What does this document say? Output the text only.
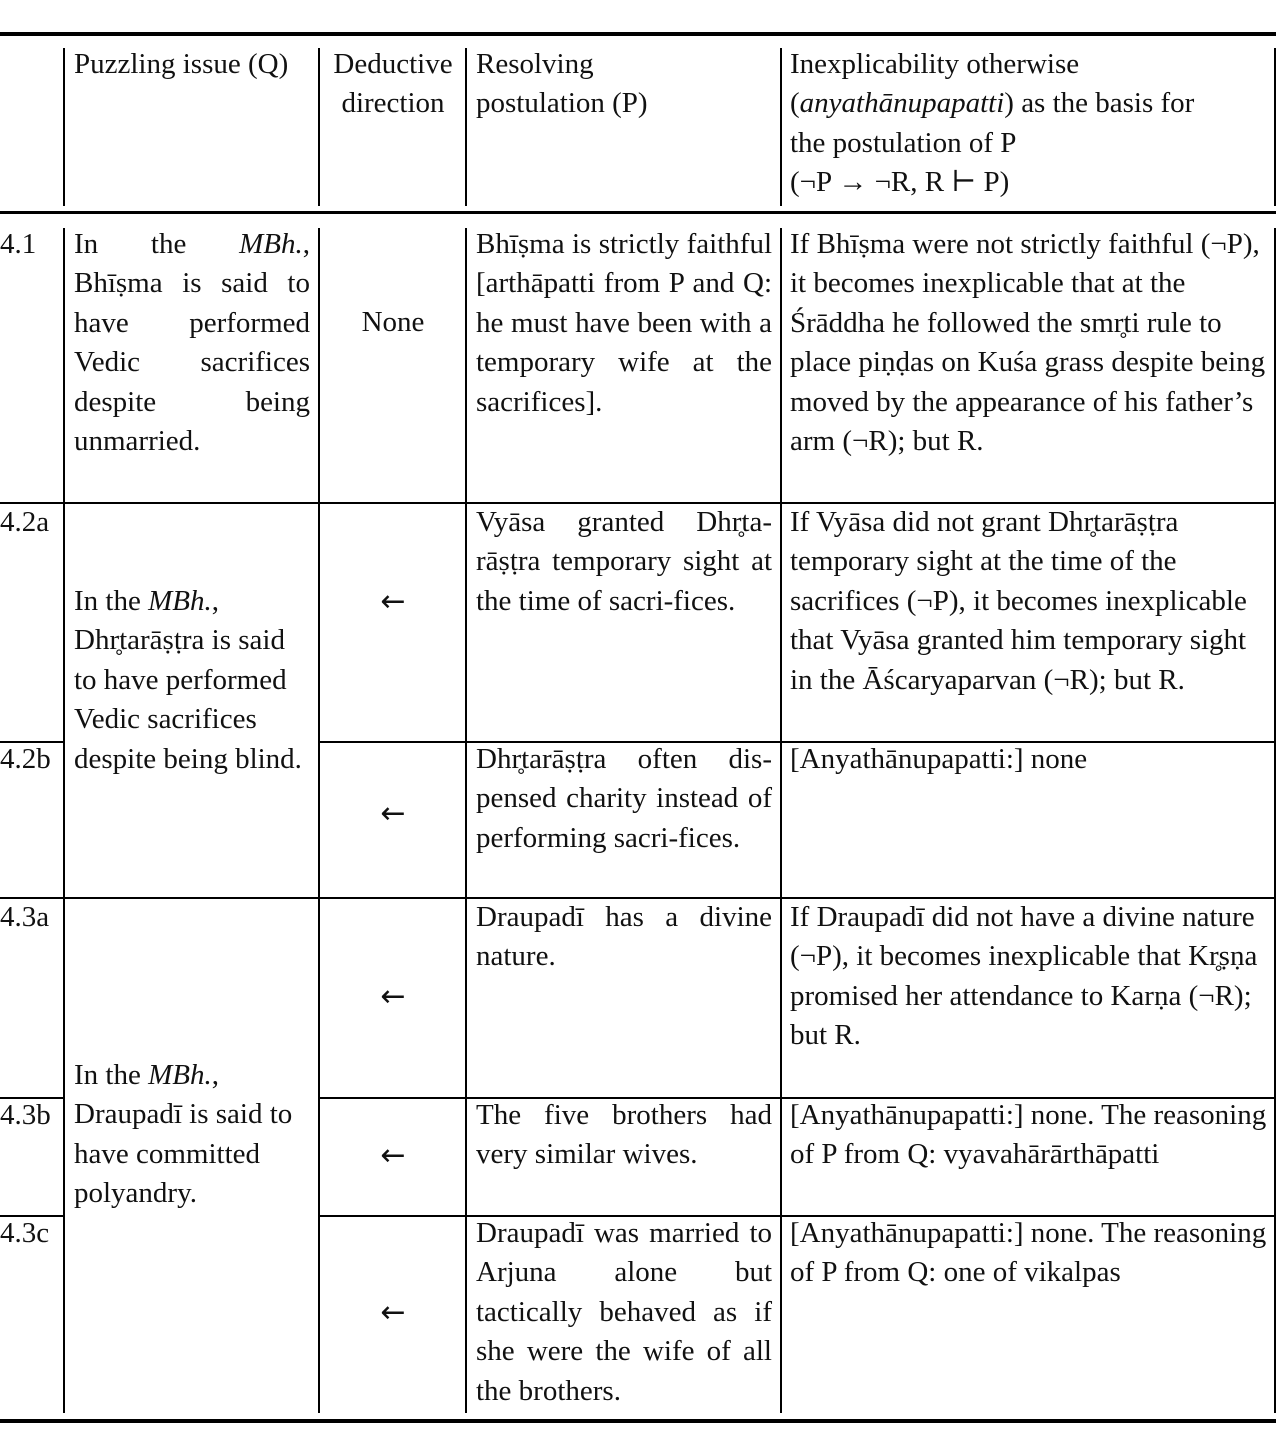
Puzzling issue (Q)	Deductive direction
Resolving postulation (P)
Inexplicability otherwise
(anyathānupapatti) as the basis for
the postulation of P
(¬P → ¬R, R ⊢ P)
4.1 In the MBh., Bhīṣma is said to have performed Vedic sacrifices despite being unmarried.
None
Bhīṣma is strictly faithful [arthāpatti from P and Q: he must have been with a temporary wife at the sacrifices].
If Bhīṣma were not strictly faithful (¬P), it becomes inexplicable that at the Śrāddha he followed the smr̥ti rule to place piṇḍas on Kuśa grass despite being moved by the appearance of his father’s arm (¬R); but R.
4.2a
4.2b
In the MBh., Dhr̥tarāṣṭra is said to have performed Vedic sacrifices despite being blind.
←
←
Vyāsa granted Dhr̥ta-rāṣṭra temporary sight at the time of sacri-fices.
Dhr̥tarāṣṭra often dis-pensed charity instead of performing sacri-fices.
If Vyāsa did not grant Dhr̥tarāṣṭra temporary sight at the time of the sacrifices (¬P), it becomes inexplicable that Vyāsa granted him temporary sight in the Āścaryaparvan (¬R); but R.
[Anyathānupapatti:] none
4.3a
4.3b
4.3c
In the MBh., Draupadī is said to have committed polyandry.
←
←
←
Draupadī has a divine nature.
The five brothers had very similar wives.
Draupadī was married to Arjuna alone but tactically behaved as if she were the wife of all the brothers.
If Draupadī did not have a divine nature (¬P), it becomes inexplicable that Kr̥ṣṇa promised her attendance to Karṇa (¬R); but R.
[Anyathānupapatti:] none. The reasoning of P from Q: vyavahārārthāpatti
[Anyathānupapatti:] none. The reasoning of P from Q: one of vikalpas
